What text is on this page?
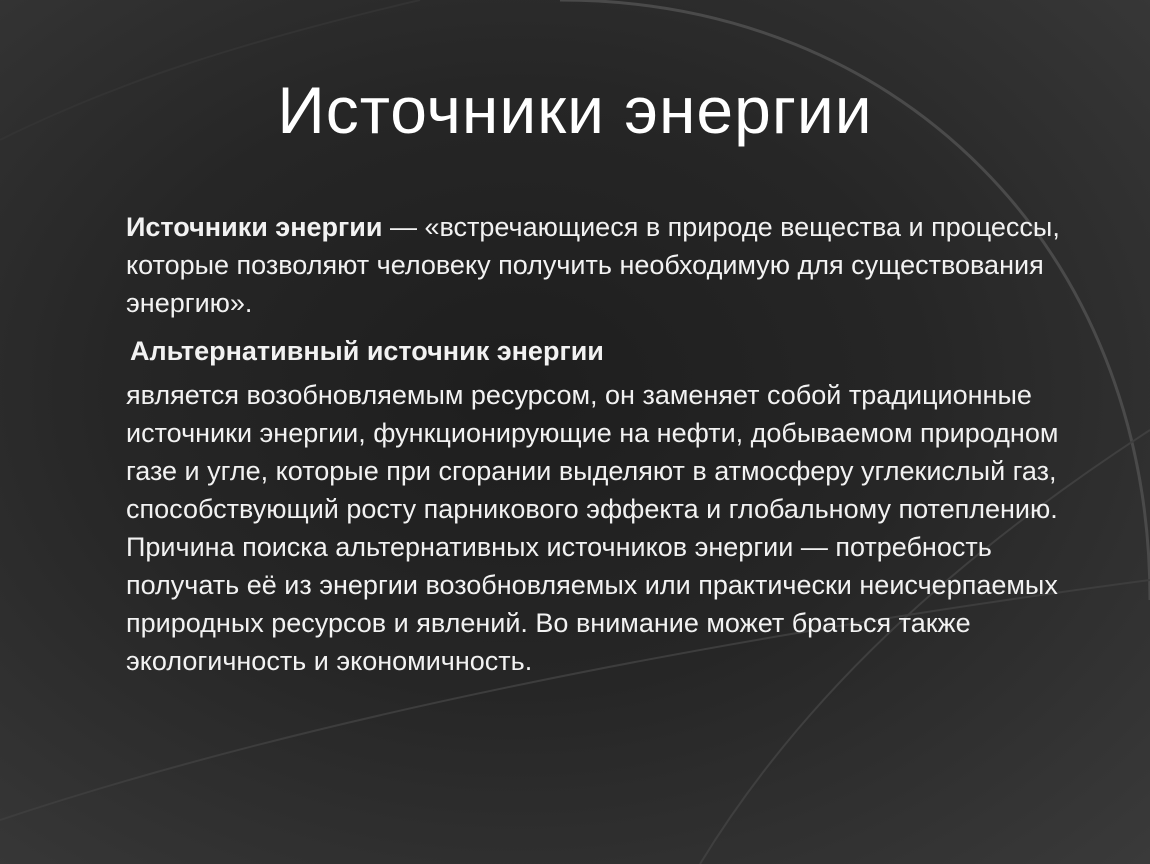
Источники энергии

Источники энергии — «встречающиеся в природе вещества и процессы, которые позволяют человеку получить необходимую для существования энергию».

Альтернативный источник энергии

является возобновляемым ресурсом, он заменяет собой традиционные источники энергии, функционирующие на нефти, добываемом природном газе и угле, которые при сгорании выделяют в атмосферу углекислый газ, способствующий росту парникового эффекта и глобальному потеплению. Причина поиска альтернативных источников энергии — потребность получать её из энергии возобновляемых или практически неисчерпаемых природных ресурсов и явлений. Во внимание может браться также экологичность и экономичность.
